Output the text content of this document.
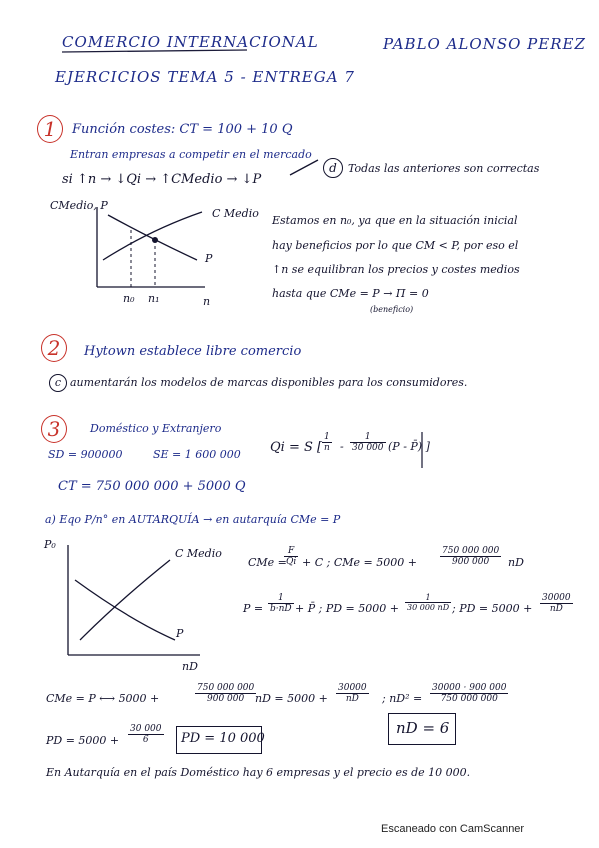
COMERCIO INTERNACIONAL	PABLO ALONSO PEREZ
EJERCICIOS TEMA 5 - ENTREGA 7
1	Función costes: CT = 100 + 10 Q
Entran empresas a competir en el mercado
si ↑n → ↓Qi → ↑CMedio → ↓P
d	Todas las anteriores son correctas
CMedio, P
C Medio
P
n₀ n₁	n
Estamos en n₀, ya que en la situación inicial
hay beneficios por lo que CM < P, por eso el
↑n se equilibran los precios y costes medios
hasta que CMe = P → Π = 0
(beneficio)
2	Hytown establece libre comercio
c aumentarán los modelos de marcas disponibles para los consumidores.
3	Doméstico y Extranjero
SD = 900000	SE = 1 600 000
CT = 750 000 000 + 5000 Q
Qi = S [ $\frac{1}{n} - \frac{1}{30 000} (P$ - P̄) ]
a) Eqo P/n° en AUTARQUÍA → en autarquía CMe = P
P₀
C Medio
P
nD
CMe =
$\frac{F}{Qi} + C$ ; CMe = 5000 +	$\frac{750 000 000}{900 000}$ nD
$P = \frac{1}{b\cdot nD}$ + P̄ ; PD = $5000 + \frac{1}{30 000 nD}$ ; PD = $5000 + \frac{30000}{nD}$
CMe = P ⟷ 5000 +	$\frac{750 000 000}{900 000}$
nD = $5000 + \frac{30000}{nD}$ ; $nD^2 = \frac{30000 \cdot 900 000}{750 000 000}$
PD = $5000 + \frac{30 000}{6}$ PD = 10 000
nD = 6
En Autarquía en el país Doméstico hay 6 empresas y el precio es de 10 000.
Escaneado con CamScanner
